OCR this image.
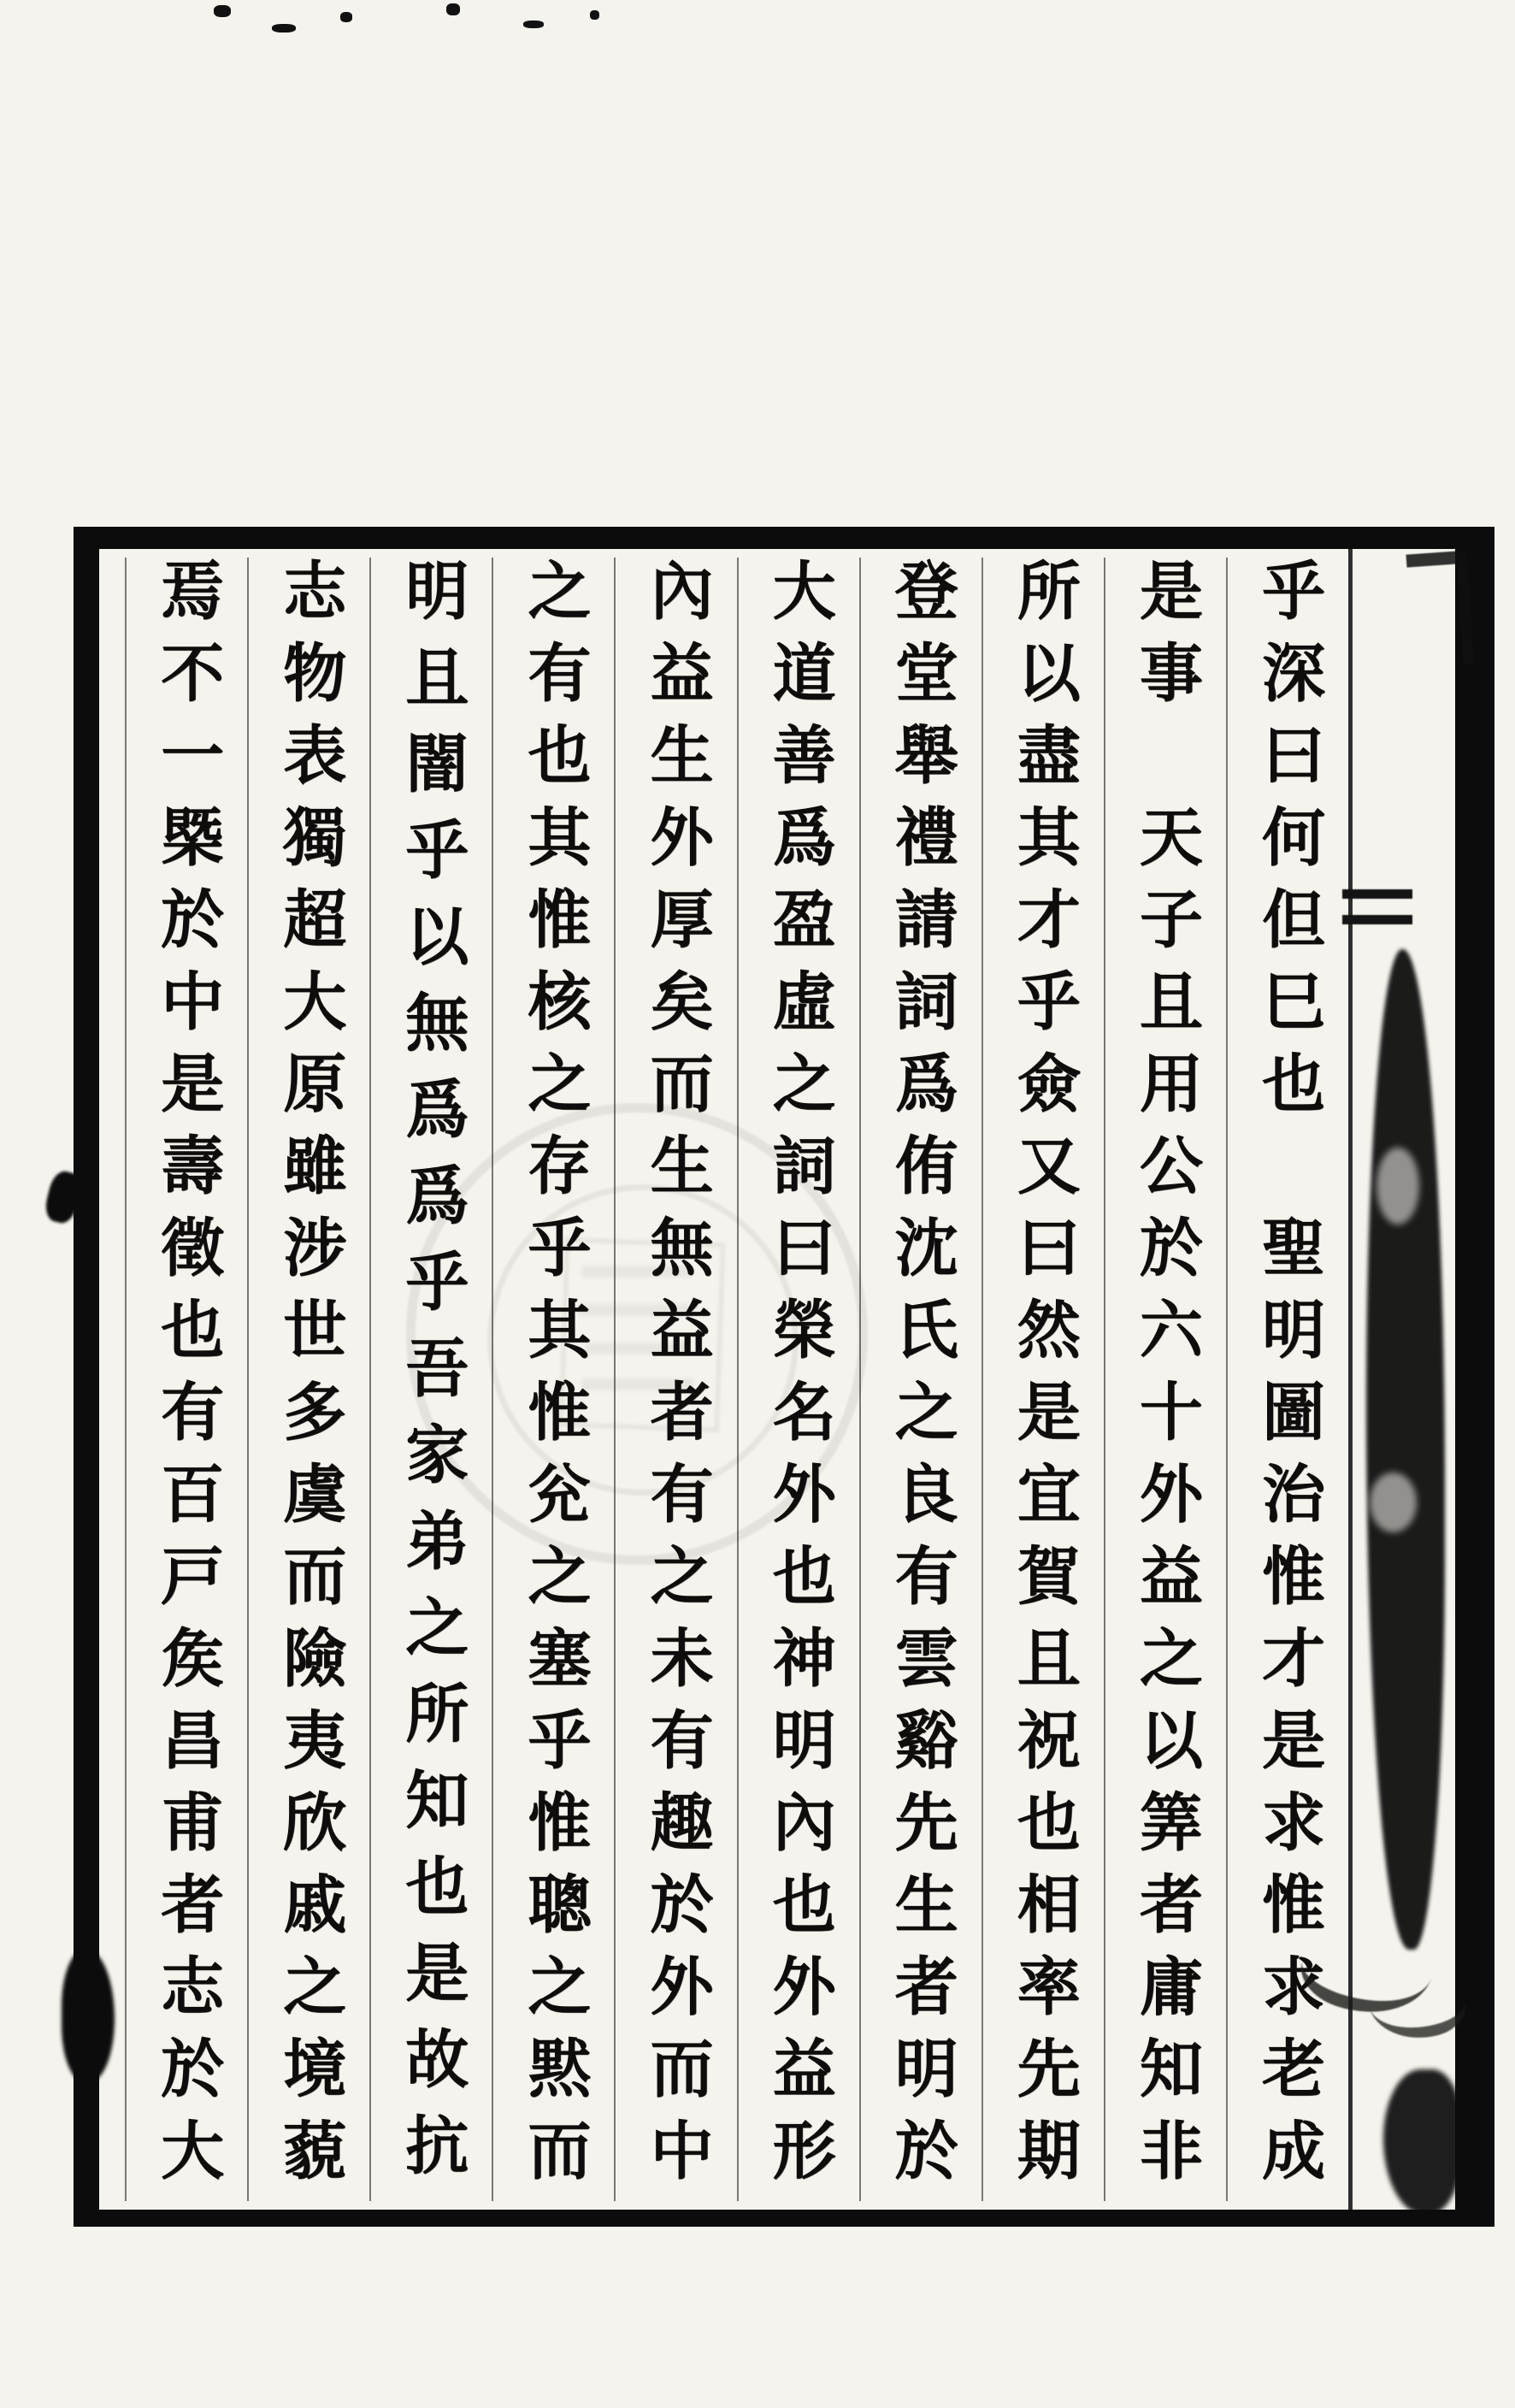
乎深曰何但巳也　聖明圖治惟才是求惟求老成
是事　天子且用公於六十外益之以筭者庸知非
所以盡其才乎僉又曰然是宜賀且祝也相率先期
登堂舉禮請詞爲侑沈氏之良有雲谿先生者明於
大道善爲盈虛之詞曰榮名外也神明內也外益形
內益生外厚矣而生無益者有之未有趣於外而中
之有也其惟核之存乎其惟兊之塞乎惟聰之黙而
明且闇乎以無爲爲乎吾家弟之所知也是故抗
志物表獨超大原雖涉世多虞而險夷欣戚之境藐
焉不一槩於中是壽徵也有百戸矦昌甫者志於大
